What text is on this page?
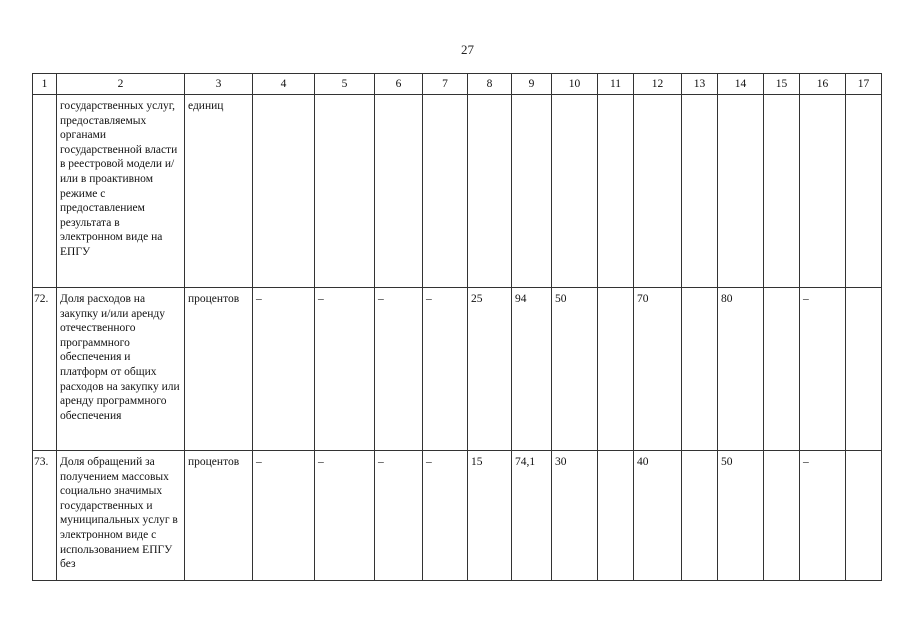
27
1	2	3	4	5	6	7	8	9	10	11	12	13	14	15	16	17
	государственных услуг, предоставляемых органами государственной власти в реестровой модели и/или в проактивном режиме с предоставлением результата в электронном виде на ЕПГУ	единиц														
72.	Доля расходов на закупку и/или аренду отечественного программного обеспечения и платформ от общих расходов на закупку или аренду программного обеспечения	процентов	–	–	–	–	25	94	50		70		80		–	
73.	Доля обращений за получением массовых социально значимых государственных и муниципальных услуг в электронном виде с использованием ЕПГУ без	процентов	–	–	–	–	15	74,1	30		40		50		–	
